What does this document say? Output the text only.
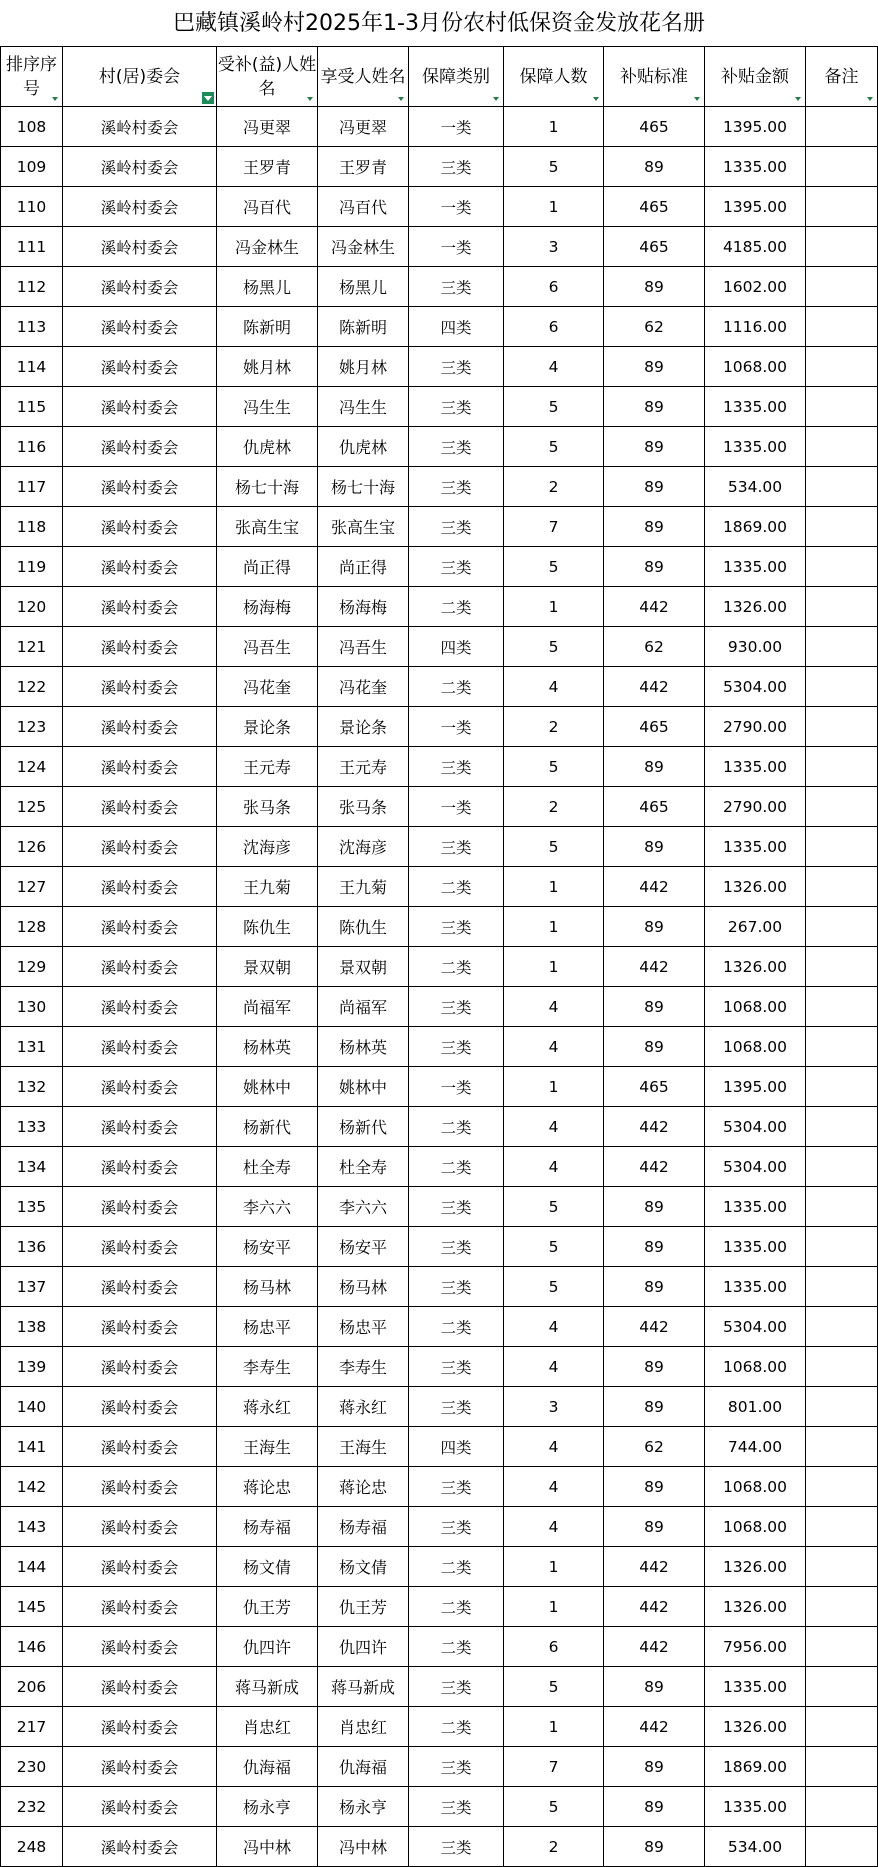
巴藏镇溪岭村2025年1-3月份农村低保资金发放花名册
排序序号	村(居)委会	受补(益)人姓名	享受人姓名	保障类别	保障人数	补贴标准	补贴金额	备注

108	溪岭村委会	冯更翠	冯更翠	一类	1	465	1395.00	
109	溪岭村委会	王罗青	王罗青	三类	5	89	1335.00	
110	溪岭村委会	冯百代	冯百代	一类	1	465	1395.00	
111	溪岭村委会	冯金林生	冯金林生	一类	3	465	4185.00	
112	溪岭村委会	杨黑儿	杨黑儿	三类	6	89	1602.00	
113	溪岭村委会	陈新明	陈新明	四类	6	62	1116.00	
114	溪岭村委会	姚月林	姚月林	三类	4	89	1068.00	
115	溪岭村委会	冯生生	冯生生	三类	5	89	1335.00	
116	溪岭村委会	仇虎林	仇虎林	三类	5	89	1335.00	
117	溪岭村委会	杨七十海	杨七十海	三类	2	89	534.00	
118	溪岭村委会	张高生宝	张高生宝	三类	7	89	1869.00	
119	溪岭村委会	尚正得	尚正得	三类	5	89	1335.00	
120	溪岭村委会	杨海梅	杨海梅	二类	1	442	1326.00	
121	溪岭村委会	冯吾生	冯吾生	四类	5	62	930.00	
122	溪岭村委会	冯花奎	冯花奎	二类	4	442	5304.00	
123	溪岭村委会	景论条	景论条	一类	2	465	2790.00	
124	溪岭村委会	王元寿	王元寿	三类	5	89	1335.00	
125	溪岭村委会	张马条	张马条	一类	2	465	2790.00	
126	溪岭村委会	沈海彦	沈海彦	三类	5	89	1335.00	
127	溪岭村委会	王九菊	王九菊	二类	1	442	1326.00	
128	溪岭村委会	陈仇生	陈仇生	三类	1	89	267.00	
129	溪岭村委会	景双朝	景双朝	二类	1	442	1326.00	
130	溪岭村委会	尚福军	尚福军	三类	4	89	1068.00	
131	溪岭村委会	杨林英	杨林英	三类	4	89	1068.00	
132	溪岭村委会	姚林中	姚林中	一类	1	465	1395.00	
133	溪岭村委会	杨新代	杨新代	二类	4	442	5304.00	
134	溪岭村委会	杜全寿	杜全寿	二类	4	442	5304.00	
135	溪岭村委会	李六六	李六六	三类	5	89	1335.00	
136	溪岭村委会	杨安平	杨安平	三类	5	89	1335.00	
137	溪岭村委会	杨马林	杨马林	三类	5	89	1335.00	
138	溪岭村委会	杨忠平	杨忠平	二类	4	442	5304.00	
139	溪岭村委会	李寿生	李寿生	三类	4	89	1068.00	
140	溪岭村委会	蒋永红	蒋永红	三类	3	89	801.00	
141	溪岭村委会	王海生	王海生	四类	4	62	744.00	
142	溪岭村委会	蒋论忠	蒋论忠	三类	4	89	1068.00	
143	溪岭村委会	杨寿福	杨寿福	三类	4	89	1068.00	
144	溪岭村委会	杨文倩	杨文倩	二类	1	442	1326.00	
145	溪岭村委会	仇王芳	仇王芳	二类	1	442	1326.00	
146	溪岭村委会	仇四许	仇四许	二类	6	442	7956.00	
206	溪岭村委会	蒋马新成	蒋马新成	三类	5	89	1335.00	
217	溪岭村委会	肖忠红	肖忠红	二类	1	442	1326.00	
230	溪岭村委会	仇海福	仇海福	三类	7	89	1869.00	
232	溪岭村委会	杨永亨	杨永亨	三类	5	89	1335.00	
248	溪岭村委会	冯中林	冯中林	三类	2	89	534.00	
